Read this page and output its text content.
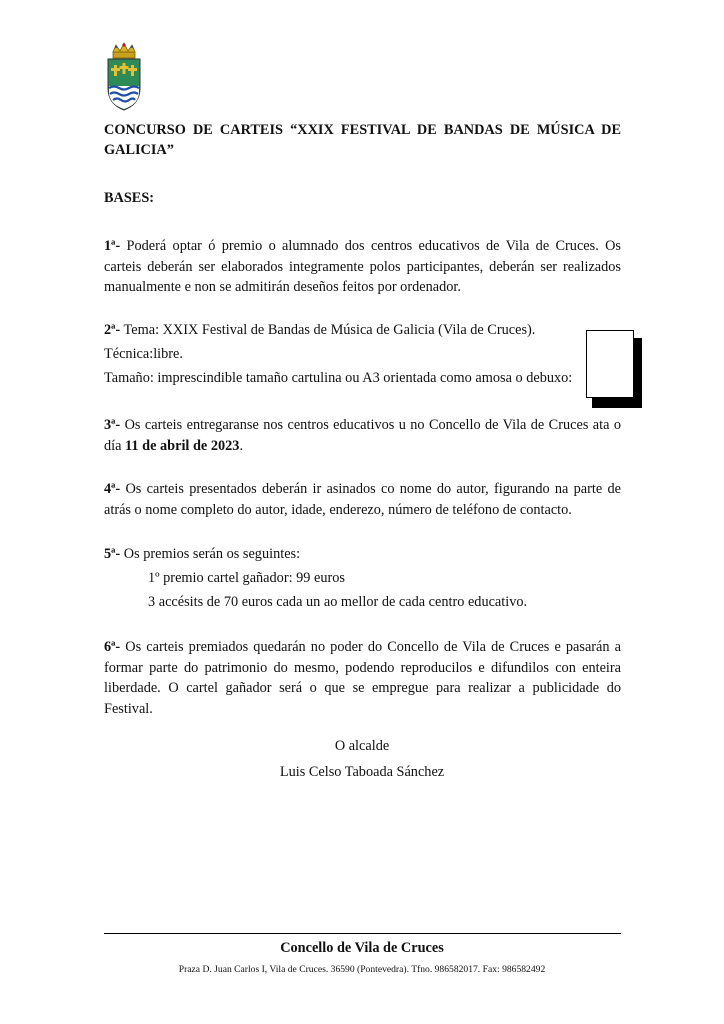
CONCURSO DE CARTEIS “XXIX FESTIVAL DE BANDAS DE MÚSICA DE GALICIA”
BASES:
1ª- Poderá optar ó premio o alumnado dos centros educativos de Vila de Cruces. Os carteis deberán ser elaborados integramente polos participantes, deberán ser realizados manualmente e non se admitirán deseños feitos por ordenador.
2ª- Tema: XXIX Festival de Bandas de Música de Galicia (Vila de Cruces).
Técnica:libre.
Tamaño: imprescindible tamaño cartulina ou A3 orientada como amosa o debuxo:
3ª- Os carteis entregaranse nos centros educativos u no Concello de Vila de Cruces ata o día 11 de abril de 2023.
4ª- Os carteis presentados deberán ir asinados co nome do autor, figurando na parte de atrás o nome completo do autor, idade, enderezo, número de teléfono de contacto.
5ª- Os premios serán os seguintes:
1º premio cartel gañador: 99 euros
3 accésits de 70 euros cada un ao mellor de cada centro educativo.
6ª- Os carteis premiados quedarán no poder do Concello de Vila de Cruces e pasarán a formar parte do patrimonio do mesmo, podendo reproducilos e difundilos con enteira liberdade. O cartel gañador será o que se empregue para realizar a publicidade do Festival.
O alcalde
Luis Celso Taboada Sánchez
Concello de Vila de Cruces
Praza D. Juan Carlos I, Vila de Cruces. 36590 (Pontevedra). Tfno. 986582017. Fax: 986582492
